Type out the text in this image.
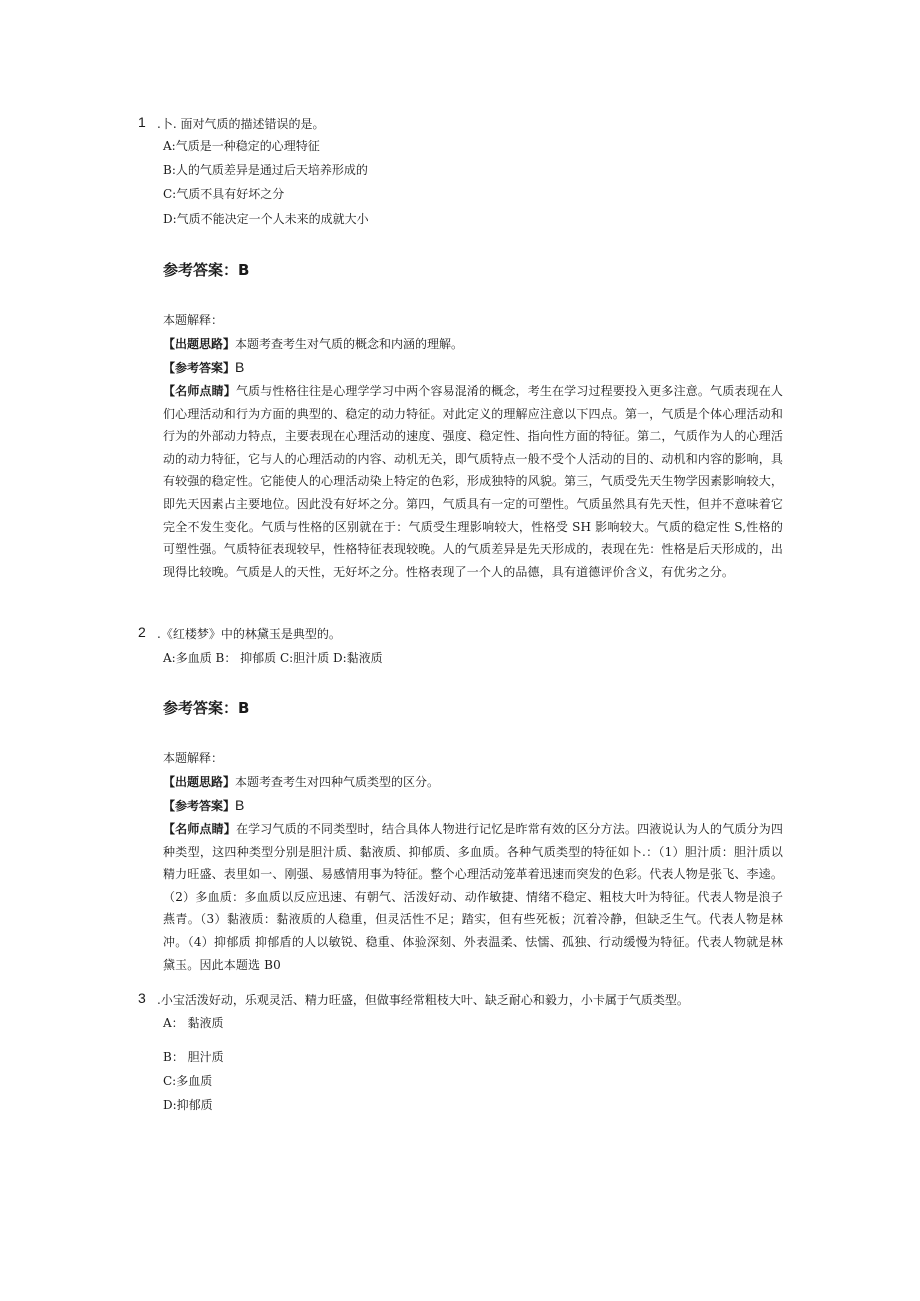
1 .卜. 面对气质的描述错误的是。
A:气质是一种稳定的心理特征
B:人的气质差异是通过后天培养形成的
C:气质不具有好坏之分
D:气质不能决定一个人未来的成就大小
参考答案：B
本题解释：
【出题思路】本题考查考生对气质的概念和内涵的理解。
【参考答案】B
【名师点睛】气质与性格往往是心理学学习中两个容易混淆的概念，考生在学习过程要投入更多注意。气质表现在人们心理活动和行为方面的典型的、稳定的动力特征。对此定义的理解应注意以下四点。第一，气质是个体心理活动和行为的外部动力特点，主要表现在心理活动的速度、强度、稳定性、指向性方面的特征。第二，气质作为人的心理活动的动力特征，它与人的心理活动的内容、动机无关，即气质特点一般不受个人活动的目的、动机和内容的影响，具有较强的稳定性。它能使人的心理活动染上特定的色彩，形成独特的风貌。第三，气质受先天生物学因素影响较大，即先天因素占主要地位。因此没有好坏之分。第四，气质具有一定的可塑性。气质虽然具有先天性，但并不意味着它完全不发生变化。气质与性格的区别就在于：气质受生理影响较大，性格受 SH 影响较大。气质的稳定性 S,性格的可塑性强。气质特征表现较早，性格特征表现较晚。人的气质差异是先天形成的，表现在先：性格是后天形成的，出现得比较晚。气质是人的天性，无好坏之分。性格表现了一个人的品德，具有道德评价含义，有优劣之分。
2 .《红楼梦》中的林黛玉是典型的。
A:多血质 B： 抑郁质 C:胆汁质 D:黏液质
参考答案：B
本题解释：
【出题思路】本题考查考生对四种气质类型的区分。
【参考答案】B
【名师点睛】在学习气质的不同类型时，结合具体人物进行记忆是昨常有效的区分方法。四液说认为人的气质分为四种类型，这四种类型分别是胆汁质、黏液质、抑郁质、多血质。各种气质类型的特征如卜.：（1）胆汁质：胆汁质以精力旺盛、表里如一、刚强、易感情用事为特征。整个心理活动笼革着迅速而突发的色彩。代表人物是张飞、李逵。（2）多血质：多血质以反应迅速、有朝气、活泼好动、动作敏捷、情绪不稳定、粗枝大叶为特征。代表人物是浪子燕青。（3）黏液质：黏液质的人稳重，但灵活性不足；踏实，但有些死板；沉着冷静，但缺乏生气。代表人物是林冲。（4）抑郁质 抑郁盾的人以敏锐、稳重、体验深刻、外表温柔、怯懦、孤独、行动缓慢为特征。代表人物就是林黛玉。因此本题选 B0
3 .小宝活泼好动，乐观灵活、精力旺盛，但做事经常粗枝大叶、缺乏耐心和毅力，小卡属于气质类型。
A： 黏液质
B： 胆汁质
C:多血质
D:抑郁质
